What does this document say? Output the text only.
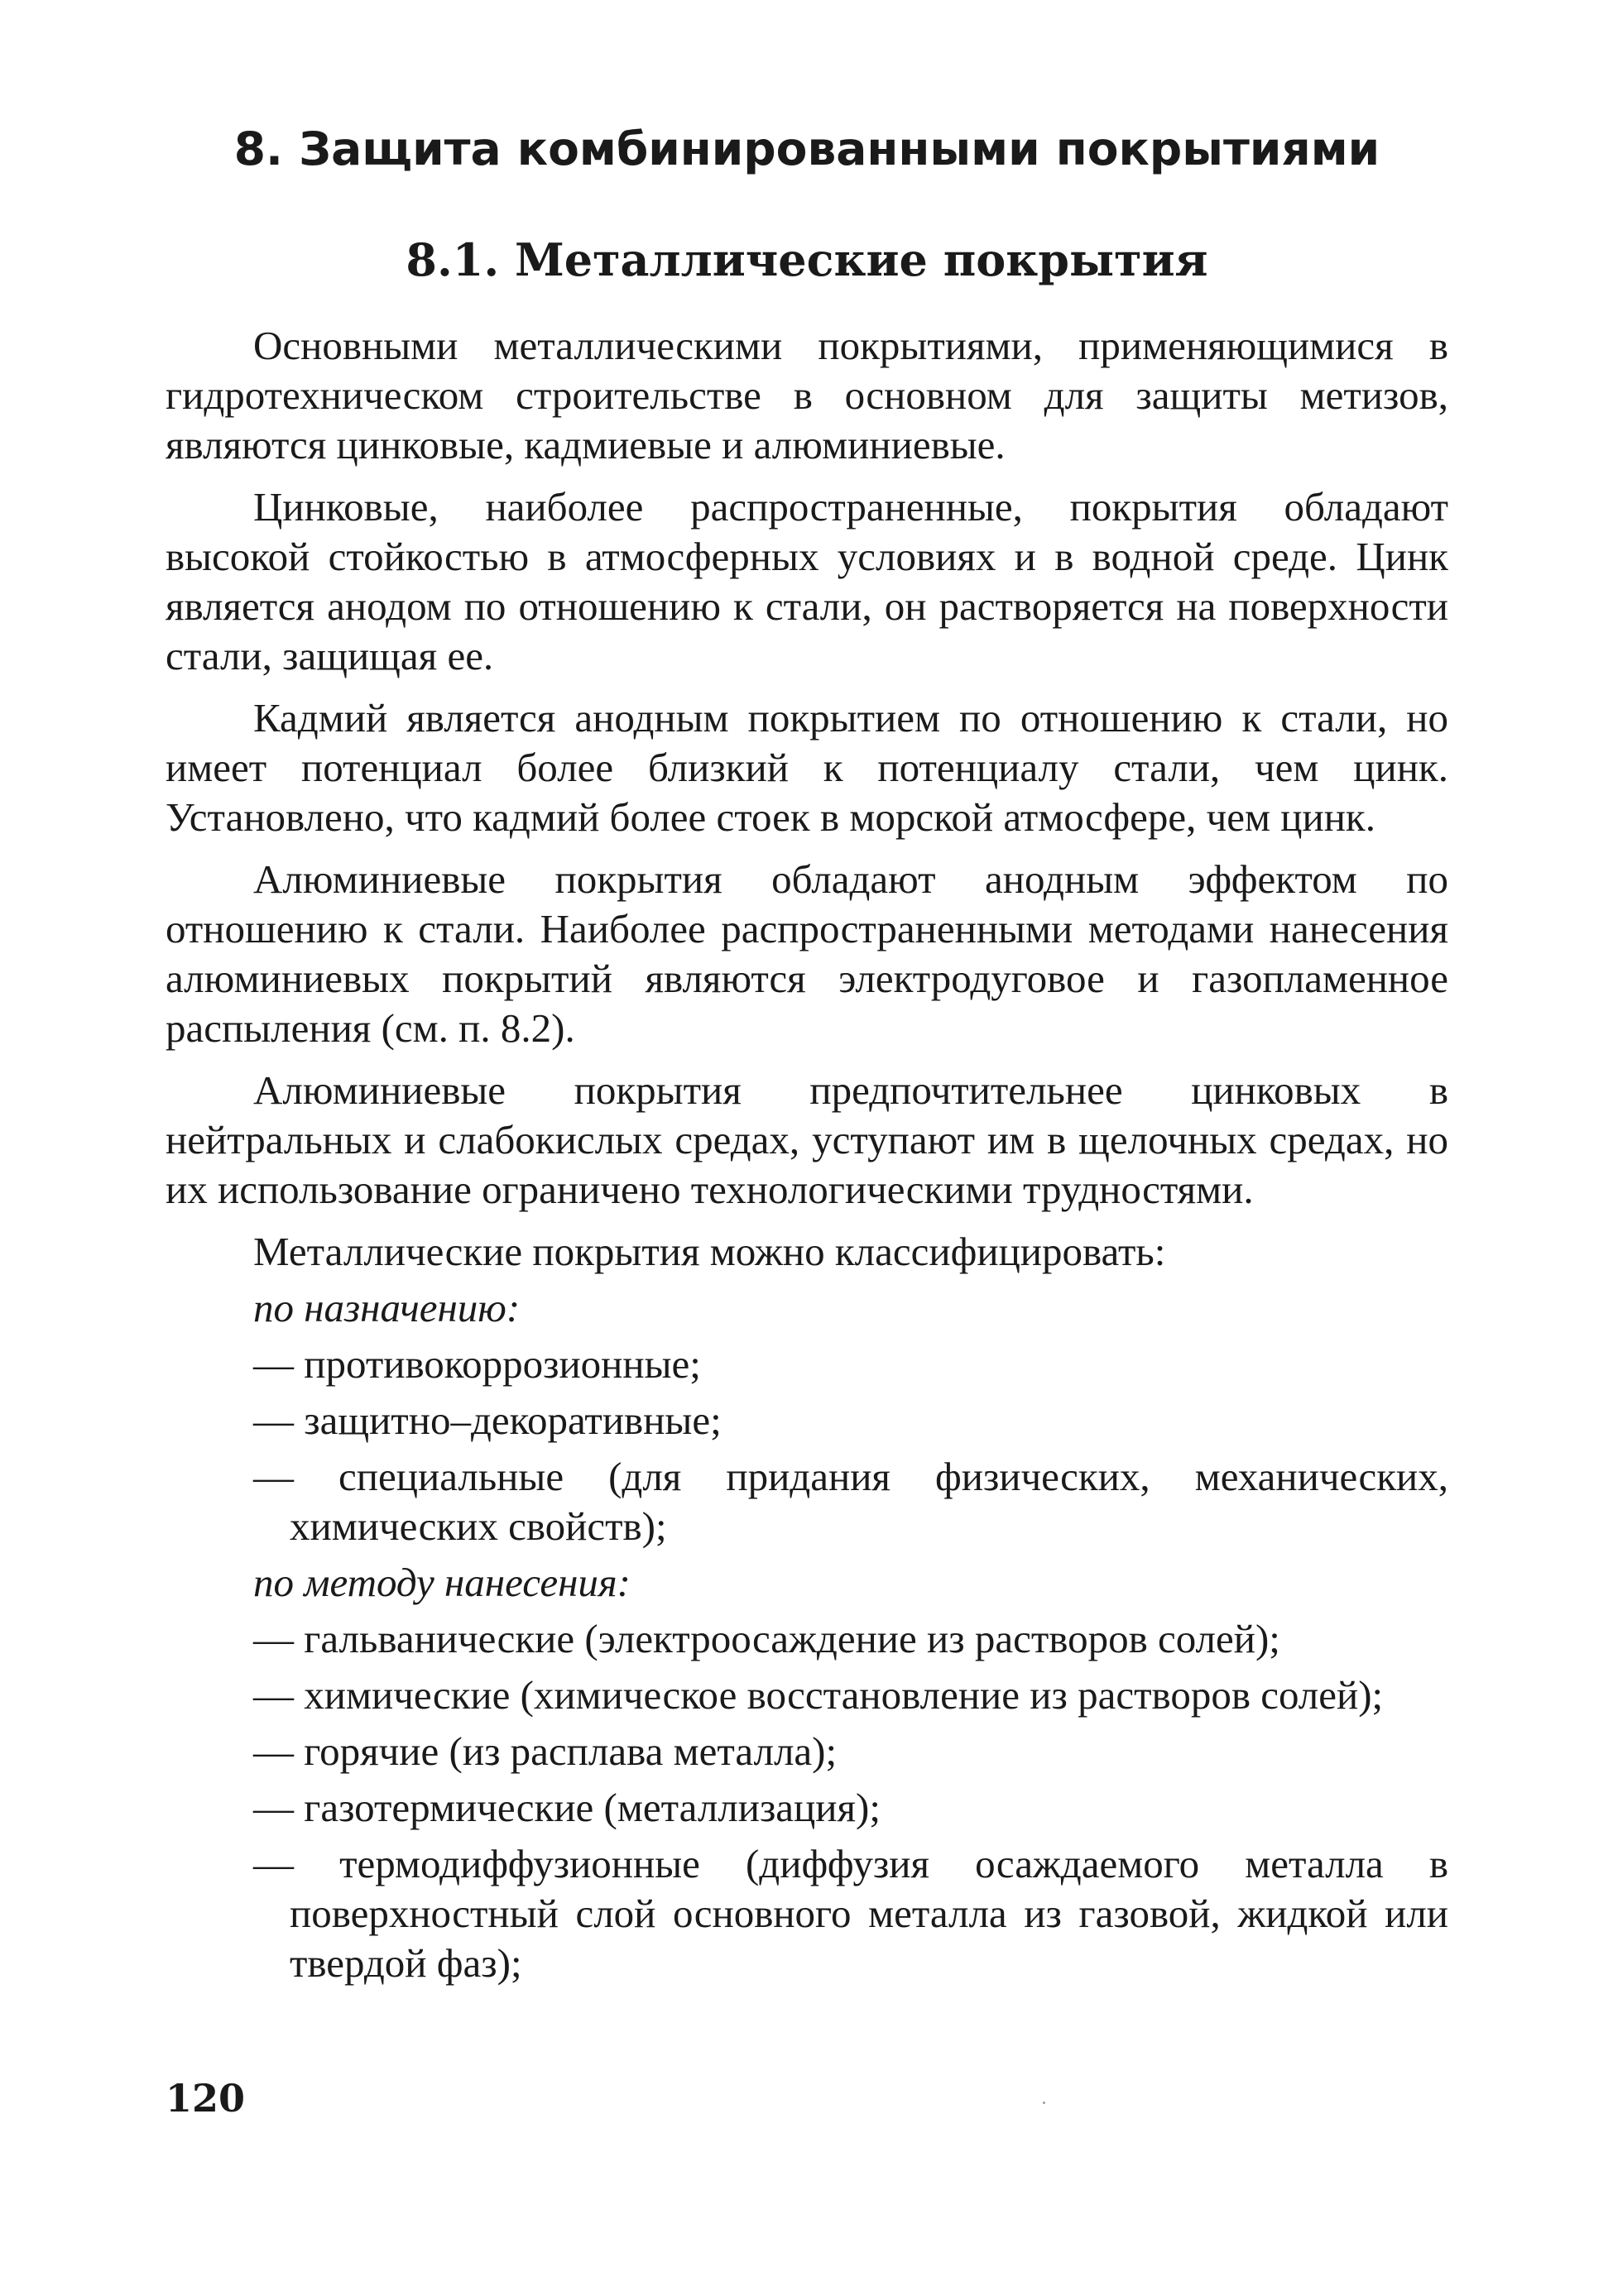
8. Защита комбинированными покрытиями
8.1. Металлические покрытия

Основными металлическими покрытиями, применяющимися в гидротехническом строительстве в основном для защиты метизов, являются цинковые, кадмиевые и алюминиевые.

Цинковые, наиболее распространенные, покрытия обладают высокой стойкостью в атмосферных условиях и в водной среде. Цинк является анодом по отношению к стали, он растворяется на поверхности стали, защищая ее.

Кадмий является анодным покрытием по отношению к стали, но имеет потенциал более близкий к потенциалу стали, чем цинк. Установлено, что кадмий более стоек в морской атмосфере, чем цинк.

Алюминиевые покрытия обладают анодным эффектом по отношению к стали. Наиболее распространенными методами нанесения алюминиевых покрытий являются электродуговое и газопламенное распыления (см. п. 8.2).

Алюминиевые покрытия предпочтительнее цинковых в нейтральных и слабокислых средах, уступают им в щелочных средах, но их использование ограничено технологическими трудностями.

Металлические покрытия можно классифицировать:

по назначению:

— противокоррозионные;

— защитно–декоративные;

— специальные (для придания физических, механических, химических свойств);

по методу нанесения:

— гальванические (электроосаждение из растворов солей);

— химические (химическое восстановление из растворов солей);

— горячие (из расплава металла);

— газотермические (металлизация);

— термодиффузионные (диффузия осаждаемого металла в поверхностный слой основного металла из газовой, жидкой или твердой фаз);

120
